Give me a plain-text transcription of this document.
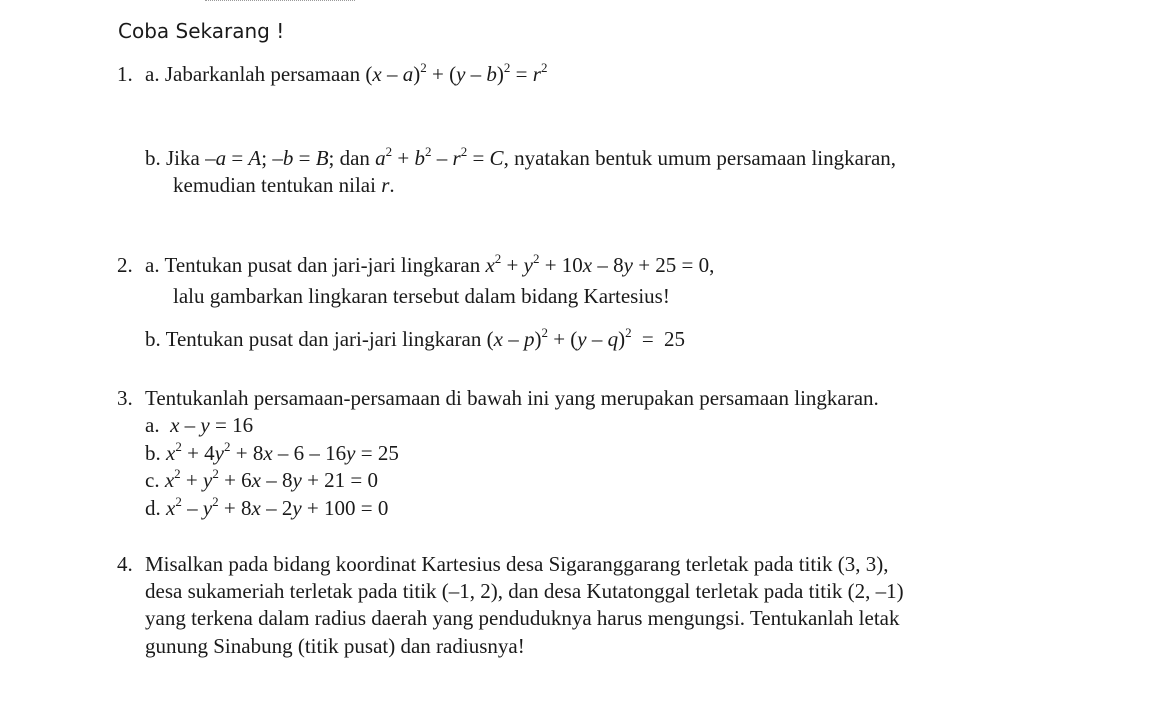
Coba Sekarang !
1. a. Jabarkanlah persamaan $(x - a)^2 + (y - b)^2 = r^2$
b. Jika –a = A; –b = B; dan $a^2 + b^2 - r^2 = C$, nyatakan bentuk umum persamaan lingkaran,
kemudian tentukan nilai r.
2. a. Tentukan pusat dan jari-jari lingkaran $x^2 + y^2 + 10x - 8y + 25 = 0$,
lalu gambarkan lingkaran tersebut dalam bidang Kartesius!
b. Tentukan pusat dan jari-jari lingkaran (x – p)$^2$ + (y – q)$^2$ = 25
3. Tentukanlah persamaan-persamaan di bawah ini yang merupakan persamaan lingkaran.
a. x – y = 16
b. $x^2 + 4y^2 + 8x - 6 - 16y = 25$
c. $x^2 + y^2 + 6x - 8y + 21 = 0$
d. $x^2 - y^2 + 8x - 2y + 100 = 0$
4. Misalkan pada bidang koordinat Kartesius desa Sigaranggarang terletak pada titik (3, 3),
desa sukameriah terletak pada titik (–1, 2), dan desa Kutatonggal terletak pada titik (2, –1)
yang terkena dalam radius daerah yang penduduknya harus mengungsi. Tentukanlah letak
gunung Sinabung (titik pusat) dan radiusnya!
